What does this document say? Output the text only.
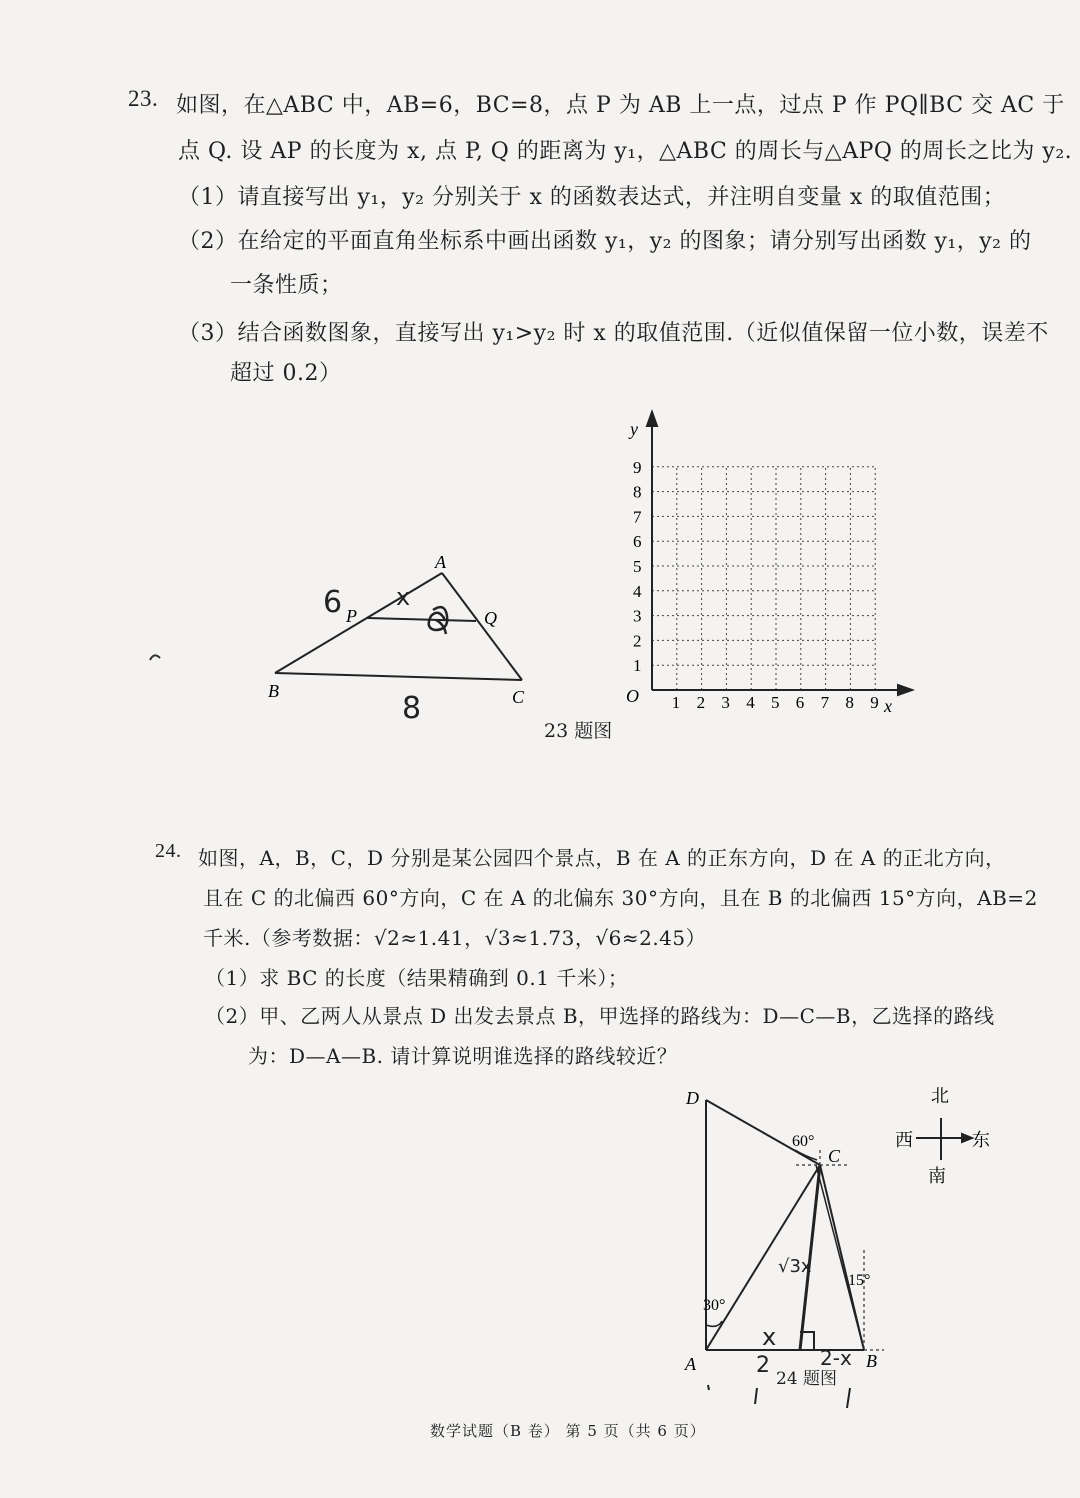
23. 如图，在△ABC 中，AB=6，BC=8，点 P 为 AB 上一点，过点 P 作 PQ∥BC 交 AC 于
点 Q. 设 AP 的长度为 x, 点 P, Q 的距离为 y₁，△ABC 的周长与△APQ 的周长之比为 y₂.
（1）请直接写出 y₁，y₂ 分别关于 x 的函数表达式，并注明自变量 x 的取值范围；
（2）在给定的平面直角坐标系中画出函数 y₁，y₂ 的图象；请分别写出函数 y₁，y₂ 的
一条性质；
（3）结合函数图象，直接写出 y₁>y₂ 时 x 的取值范围.（近似值保留一位小数，误差不
超过 0.2）
A
B	C
P	Q
6
8
x
y
x
O 1 2 3 4 5 6 7 8 9
1
2
3
4
5
6
7
8
9
D
A	B
C
60°
30°
15°
x
2	2-x
√3x
北
南
东
西
23 题图
24. 如图，A，B，C，D 分别是某公园四个景点，B 在 A 的正东方向，D 在 A 的正北方向，
且在 C 的北偏西 60°方向，C 在 A 的北偏东 30°方向，且在 B 的北偏西 15°方向，AB=2
千米.（参考数据：√2≈1.41，√3≈1.73，√6≈2.45）
（1）求 BC 的长度（结果精确到 0.1 千米）；
（2）甲、乙两人从景点 D 出发去景点 B，甲选择的路线为：D—C—B，乙选择的路线
为：D—A—B. 请计算说明谁选择的路线较近？
24 题图
数学试题（B 卷） 第 5 页（共 6 页）
